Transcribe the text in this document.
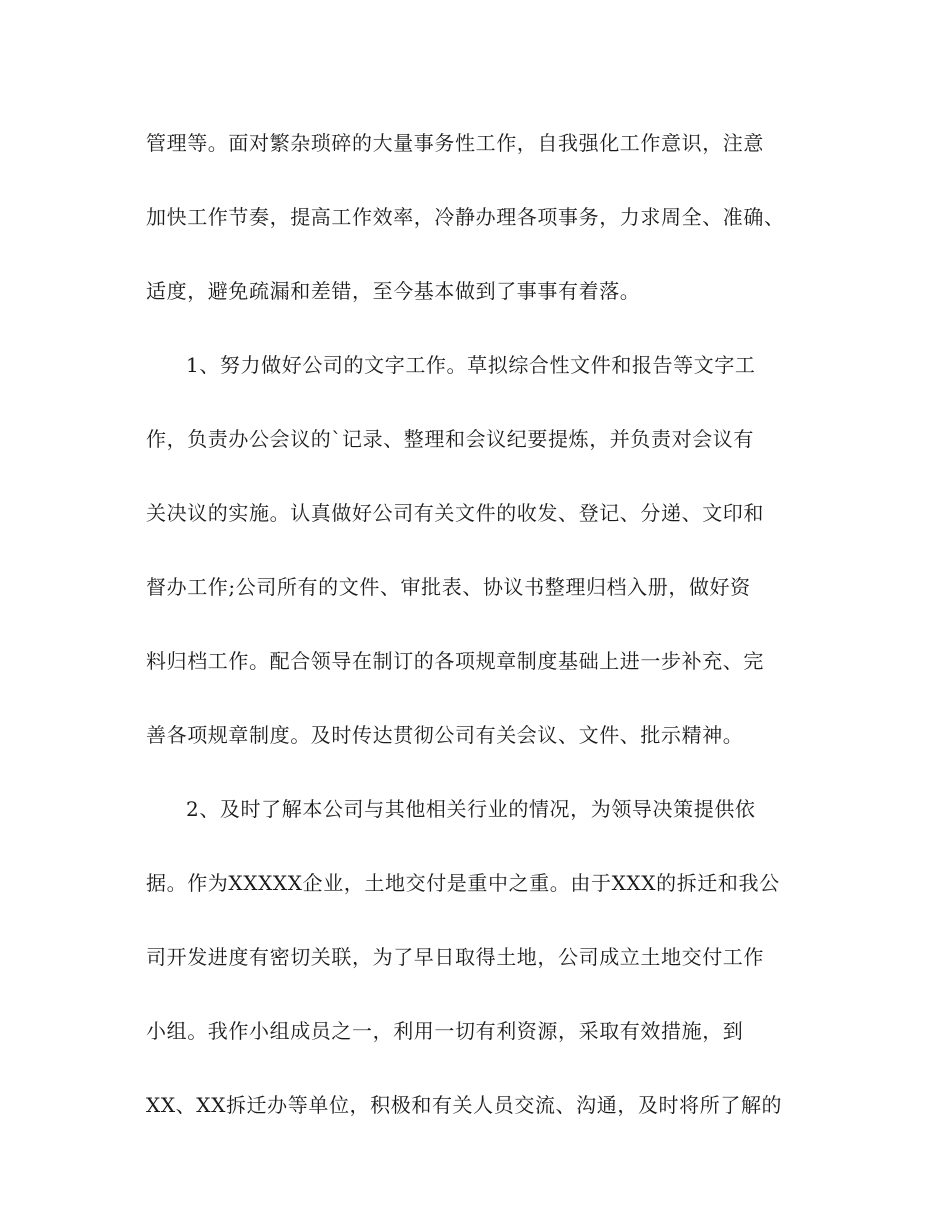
管理等。面对繁杂琐碎的大量事务性工作，自我强化工作意识，注意
加快工作节奏，提高工作效率，冷静办理各项事务，力求周全、准确、
适度，避免疏漏和差错，至今基本做到了事事有着落。
1、努力做好公司的文字工作。草拟综合性文件和报告等文字工
作，负责办公会议的`记录、整理和会议纪要提炼，并负责对会议有
关决议的实施。认真做好公司有关文件的收发、登记、分递、文印和
督办工作;公司所有的文件、审批表、协议书整理归档入册，做好资
料归档工作。配合领导在制订的各项规章制度基础上进一步补充、完
善各项规章制度。及时传达贯彻公司有关会议、文件、批示精神。
2、及时了解本公司与其他相关行业的情况，为领导决策提供依
据。作为XXXXX企业，土地交付是重中之重。由于XXX的拆迁和我公
司开发进度有密切关联，为了早日取得土地，公司成立土地交付工作
小组。我作小组成员之一，利用一切有利资源，采取有效措施，到
XX、XX拆迁办等单位，积极和有关人员交流、沟通，及时将所了解的
